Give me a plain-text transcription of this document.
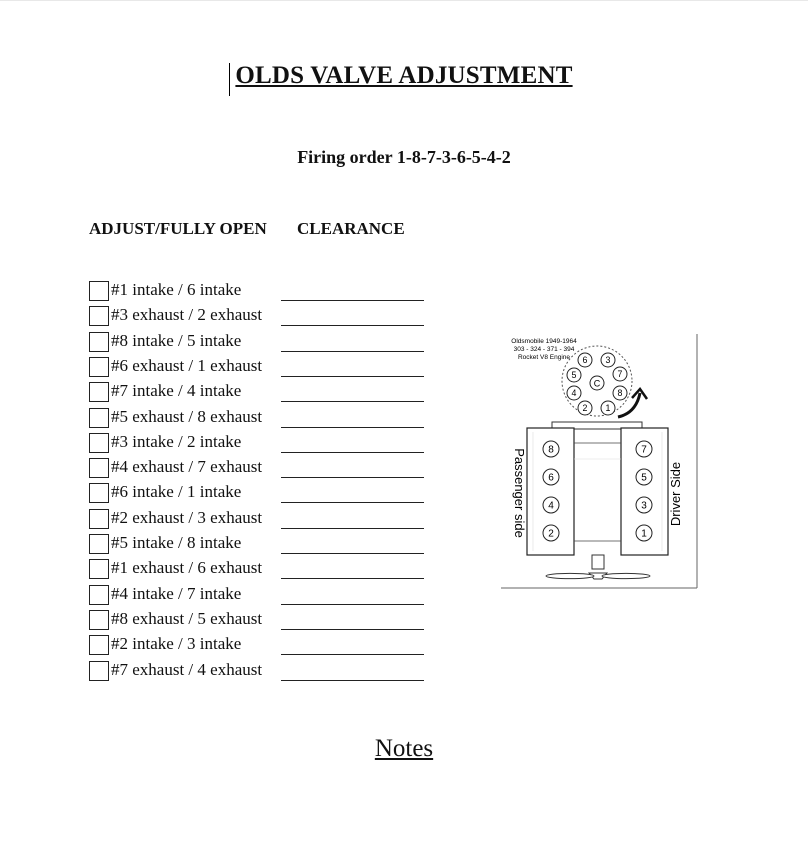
OLDS VALVE ADJUSTMENT
Firing order 1-8-7-3-6-5-4-2
ADJUST/FULLY OPEN CLEARANCE
#1 intake / 6 intake
#3 exhaust / 2 exhaust
#8 intake / 5 intake
#6 exhaust / 1 exhaust
#7 intake / 4 intake
#5 exhaust / 8 exhaust
#3 intake / 2 intake
#4 exhaust / 7 exhaust
#6 intake / 1 intake
#2 exhaust / 3 exhaust
#5 intake / 8 intake
#1 exhaust / 6 exhaust
#4 intake / 7 intake
#8 exhaust / 5 exhaust
#2 intake / 3 intake
#7 exhaust / 4 exhaust
Oldsmobile 1949-1964
303 - 324 - 371 - 394
Rocket V8 Engine
C
6 3
5	7
4	8
2 1
8
6
4
2
7
5
3
1
Passenger side	Driver Side
Notes
